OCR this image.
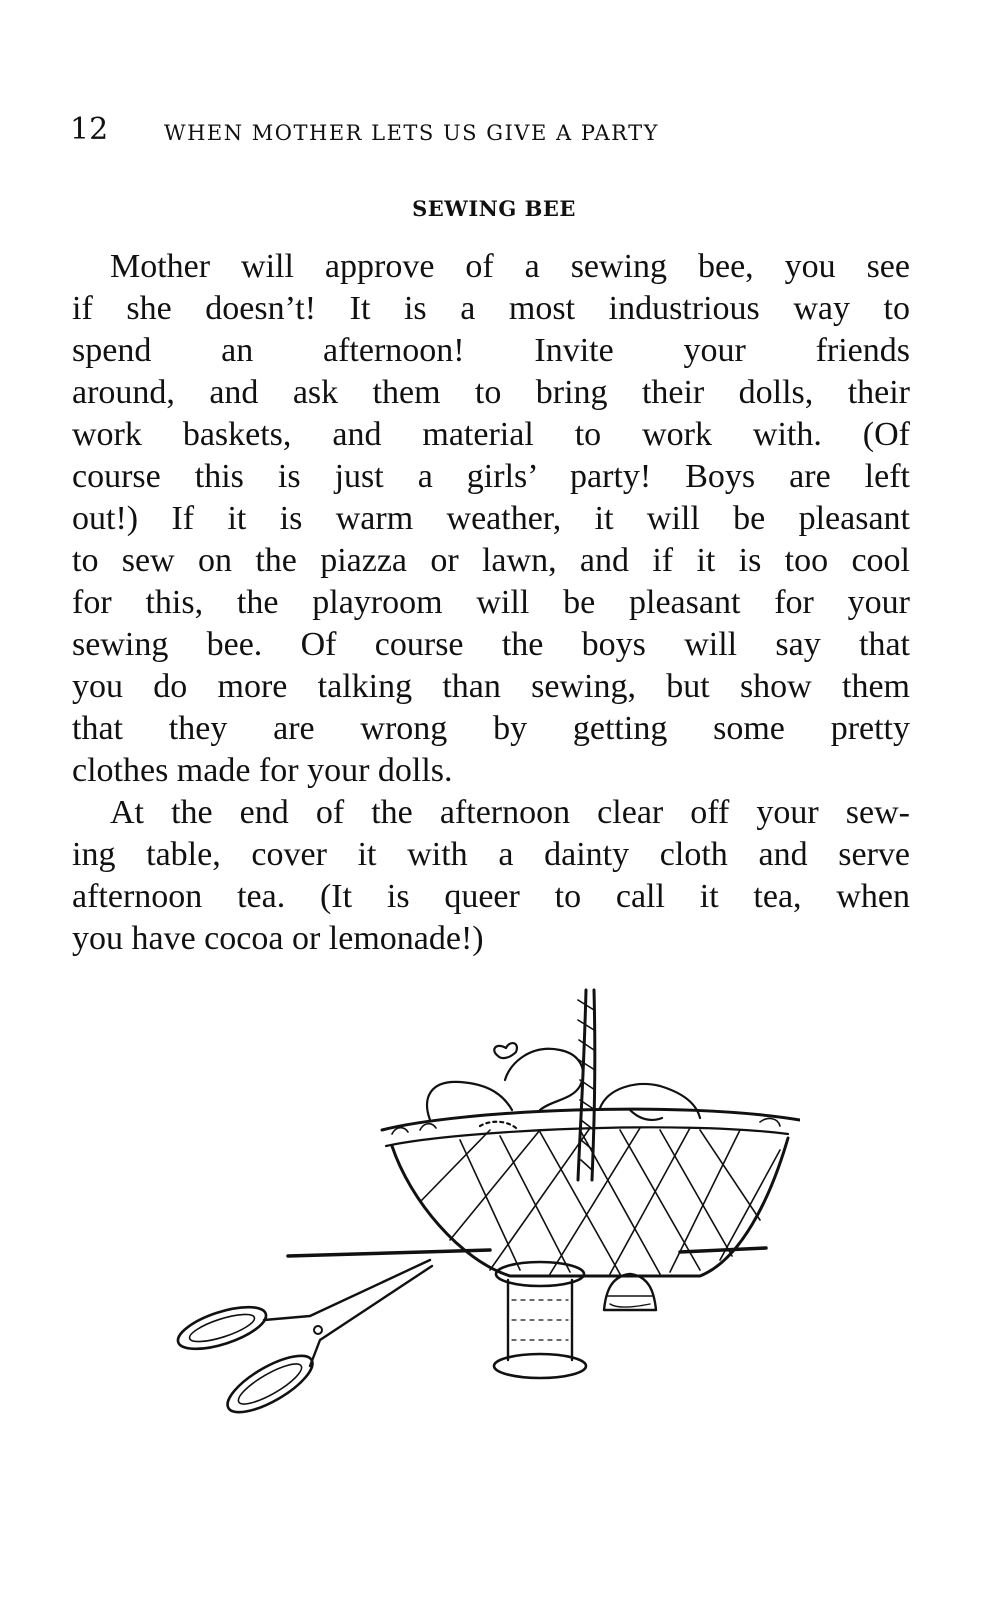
12	WHEN MOTHER LETS US GIVE A PARTY
SEWING BEE
Mother will approve of a sewing bee, you see
if she doesn’t! It is a most industrious way to
spend an afternoon! Invite your friends
around, and ask them to bring their dolls, their
work baskets, and material to work with. (Of
course this is just a girls’ party! Boys are left
out!) If it is warm weather, it will be pleasant
to sew on the piazza or lawn, and if it is too cool
for this, the playroom will be pleasant for your
sewing bee. Of course the boys will say that
you do more talking than sewing, but show them
that they are wrong by getting some pretty
clothes made for your dolls.
At the end of the afternoon clear off your sew-
ing table, cover it with a dainty cloth and serve
afternoon tea. (It is queer to call it tea, when
you have cocoa or lemonade!)
